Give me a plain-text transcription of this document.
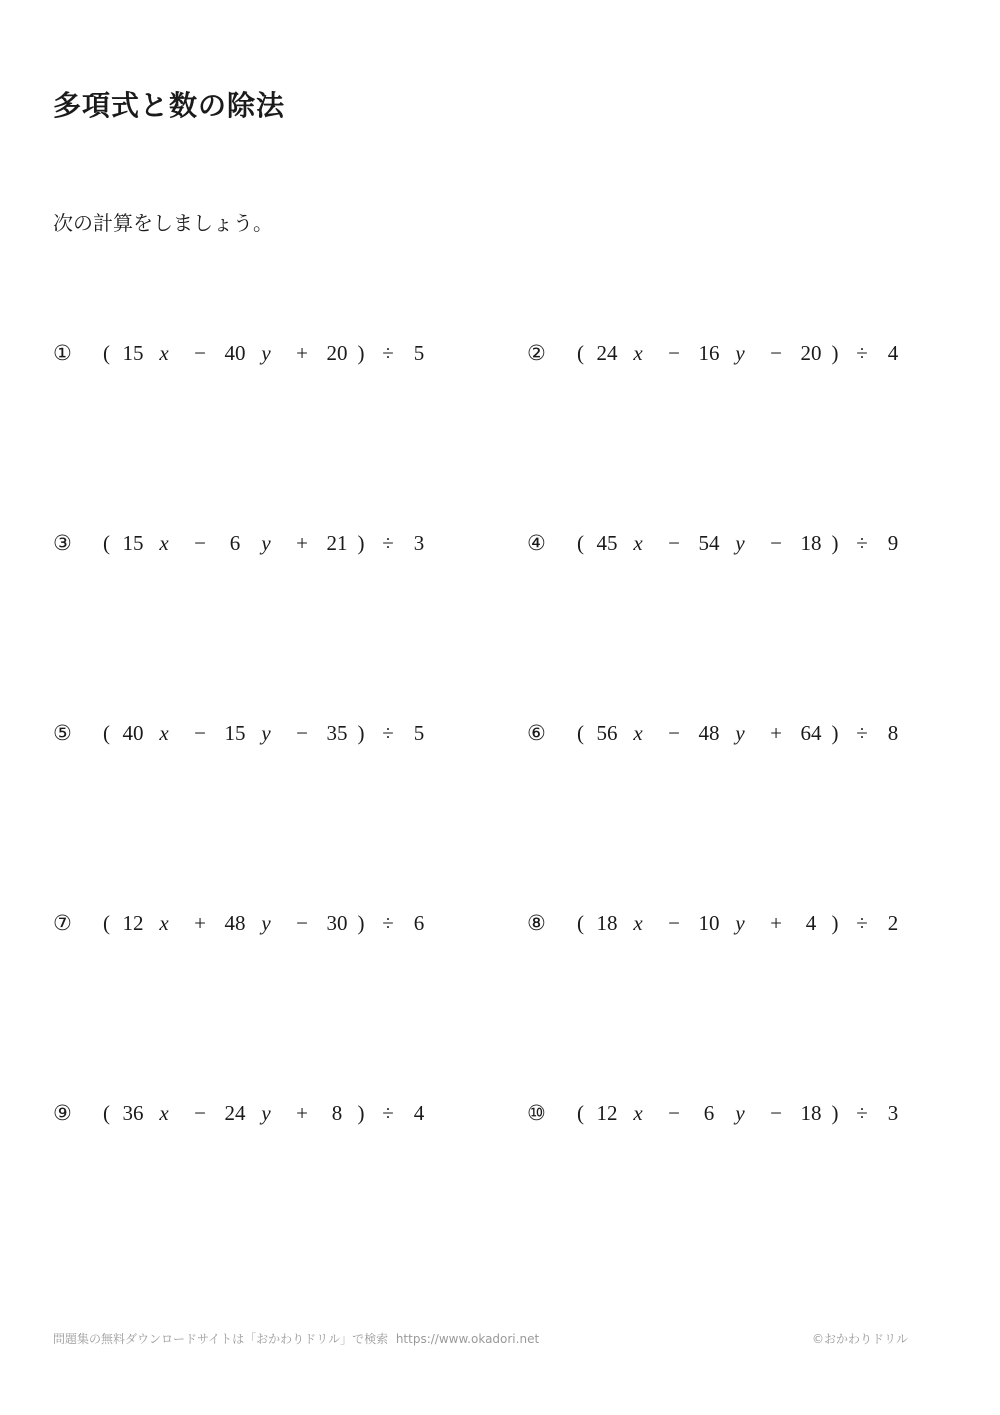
多項式と数の除法
次の計算をしましょう。
① ( 15 x − 40 y + 20 ) ÷ 5	② ( 24 x − 16 y − 20 ) ÷ 4
③ ( 15 x − 6 y + 21 ) ÷ 3	④ ( 45 x − 54 y − 18 ) ÷ 9
⑤ ( 40 x − 15 y − 35 ) ÷ 5	⑥ ( 56 x − 48 y + 64 ) ÷ 8
⑦ ( 12 x + 48 y − 30 ) ÷ 6	⑧ ( 18 x − 10 y + 4 ) ÷ 2
⑨ ( 36 x − 24 y + 8 ) ÷ 4	⑩ ( 12 x − 6 y − 18 ) ÷ 3
問題集の無料ダウンロードサイトは「おかわりドリル」で検索 https://www.okadori.net	©おかわりドリル
